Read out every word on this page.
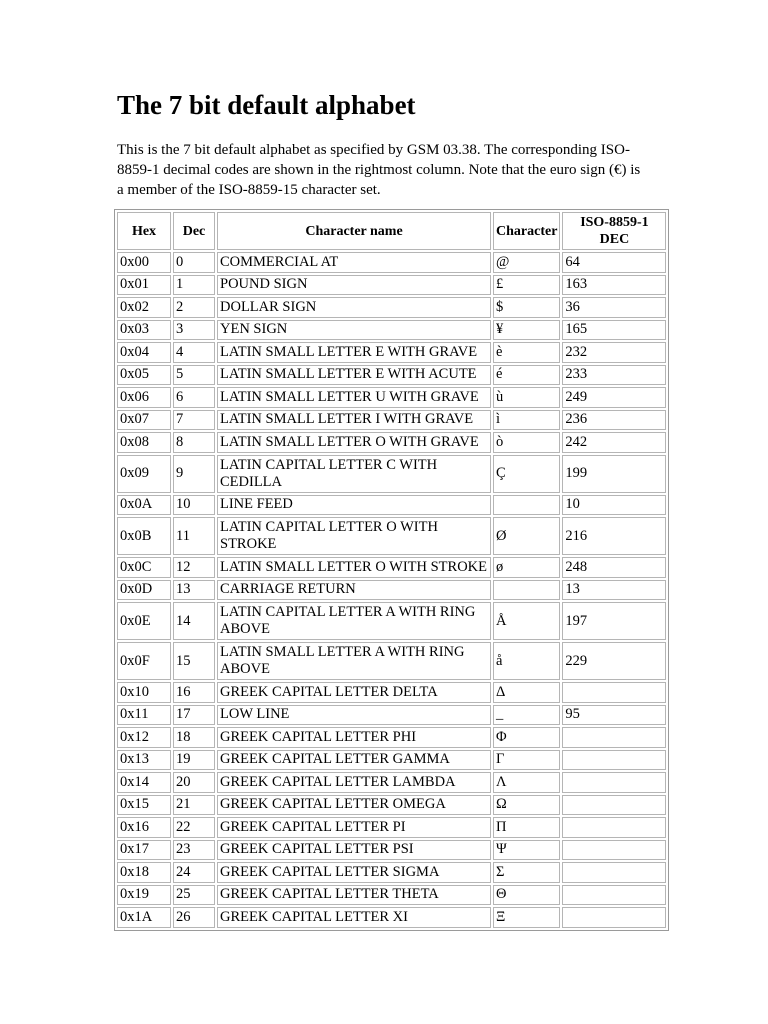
The 7 bit default alphabet

This is the 7 bit default alphabet as specified by GSM 03.38. The corresponding ISO-8859-1 decimal codes are shown in the rightmost column. Note that the euro sign (€) is a member of the ISO-8859-15 character set.

Hex	Dec	Character name	Character	ISO-8859-1
DEC
0x00	0	COMMERCIAL AT	@	64
0x01	1	POUND SIGN	£	163
0x02	2	DOLLAR SIGN	$	36
0x03	3	YEN SIGN	¥	165
0x04	4	LATIN SMALL LETTER E WITH GRAVE	è	232
0x05	5	LATIN SMALL LETTER E WITH ACUTE	é	233
0x06	6	LATIN SMALL LETTER U WITH GRAVE	ù	249
0x07	7	LATIN SMALL LETTER I WITH GRAVE	ì	236
0x08	8	LATIN SMALL LETTER O WITH GRAVE	ò	242
0x09	9	LATIN CAPITAL LETTER C WITH CEDILLA	Ç	199
0x0A	10	LINE FEED		10
0x0B	11	LATIN CAPITAL LETTER O WITH STROKE	Ø	216
0x0C	12	LATIN SMALL LETTER O WITH STROKE	ø	248
0x0D	13	CARRIAGE RETURN		13
0x0E	14	LATIN CAPITAL LETTER A WITH RING ABOVE	Å	197
0x0F	15	LATIN SMALL LETTER A WITH RING ABOVE	å	229
0x10	16	GREEK CAPITAL LETTER DELTA	Δ	
0x11	17	LOW LINE	_	95
0x12	18	GREEK CAPITAL LETTER PHI	Φ	
0x13	19	GREEK CAPITAL LETTER GAMMA	Γ	
0x14	20	GREEK CAPITAL LETTER LAMBDA	Λ	
0x15	21	GREEK CAPITAL LETTER OMEGA	Ω	
0x16	22	GREEK CAPITAL LETTER PI	Π	
0x17	23	GREEK CAPITAL LETTER PSI	Ψ	
0x18	24	GREEK CAPITAL LETTER SIGMA	Σ	
0x19	25	GREEK CAPITAL LETTER THETA	Θ	
0x1A	26	GREEK CAPITAL LETTER XI	Ξ	
